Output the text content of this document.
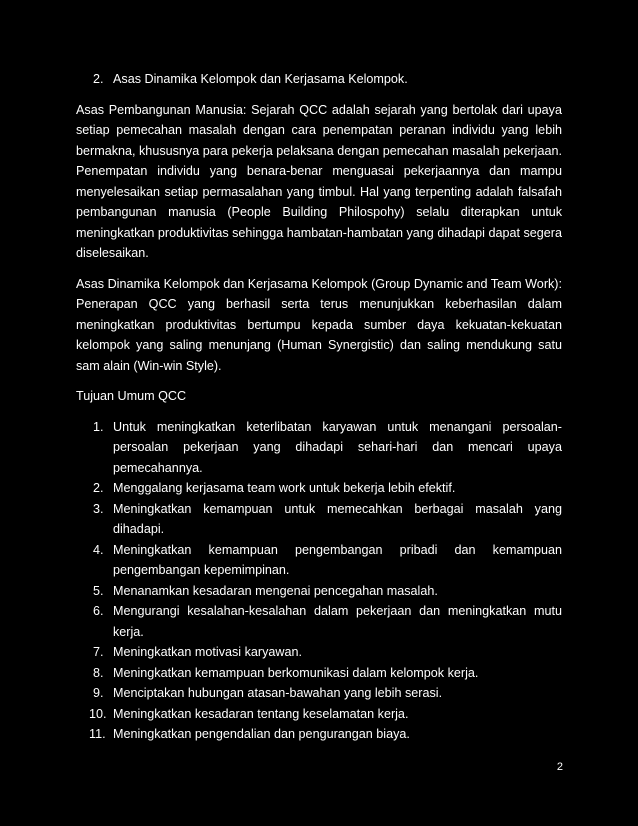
2. Asas Dinamika Kelompok dan Kerjasama Kelompok.

Asas Pembangunan Manusia: Sejarah QCC adalah sejarah yang bertolak dari upaya setiap pemecahan masalah dengan cara penempatan peranan individu yang lebih bermakna, khususnya para pekerja pelaksana dengan pemecahan masalah pekerjaan. Penempatan individu yang benara-benar menguasai pekerjaannya dan mampu menyelesaikan setiap permasalahan yang timbul. Hal yang terpenting adalah falsafah pembangunan manusia (People Building Philospohy) selalu diterapkan untuk meningkatkan produktivitas sehingga hambatan-hambatan yang dihadapi dapat segera diselesaikan.

Asas Dinamika Kelompok dan Kerjasama Kelompok (Group Dynamic and Team Work): Penerapan QCC yang berhasil serta terus menunjukkan keberhasilan dalam meningkatkan produktivitas bertumpu kepada sumber daya kekuatan-kekuatan kelompok yang saling menunjang (Human Synergistic) dan saling mendukung satu sam alain (Win-win Style).

Tujuan Umum QCC

1. Untuk meningkatkan keterlibatan karyawan untuk menangani persoalan-persoalan pekerjaan yang dihadapi sehari-hari dan mencari upaya pemecahannya.
2. Menggalang kerjasama team work untuk bekerja lebih efektif.
3. Meningkatkan kemampuan untuk memecahkan berbagai masalah yang dihadapi.
4. Meningkatkan kemampuan pengembangan pribadi dan kemampuan pengembangan kepemimpinan.
5. Menanamkan kesadaran mengenai pencegahan masalah.
6. Mengurangi kesalahan-kesalahan dalam pekerjaan dan meningkatkan mutu kerja.
7. Meningkatkan motivasi karyawan.
8. Meningkatkan kemampuan berkomunikasi dalam kelompok kerja.
9. Menciptakan hubungan atasan-bawahan yang lebih serasi.
10. Meningkatkan kesadaran tentang keselamatan kerja.
11. Meningkatkan pengendalian dan pengurangan biaya.
2
